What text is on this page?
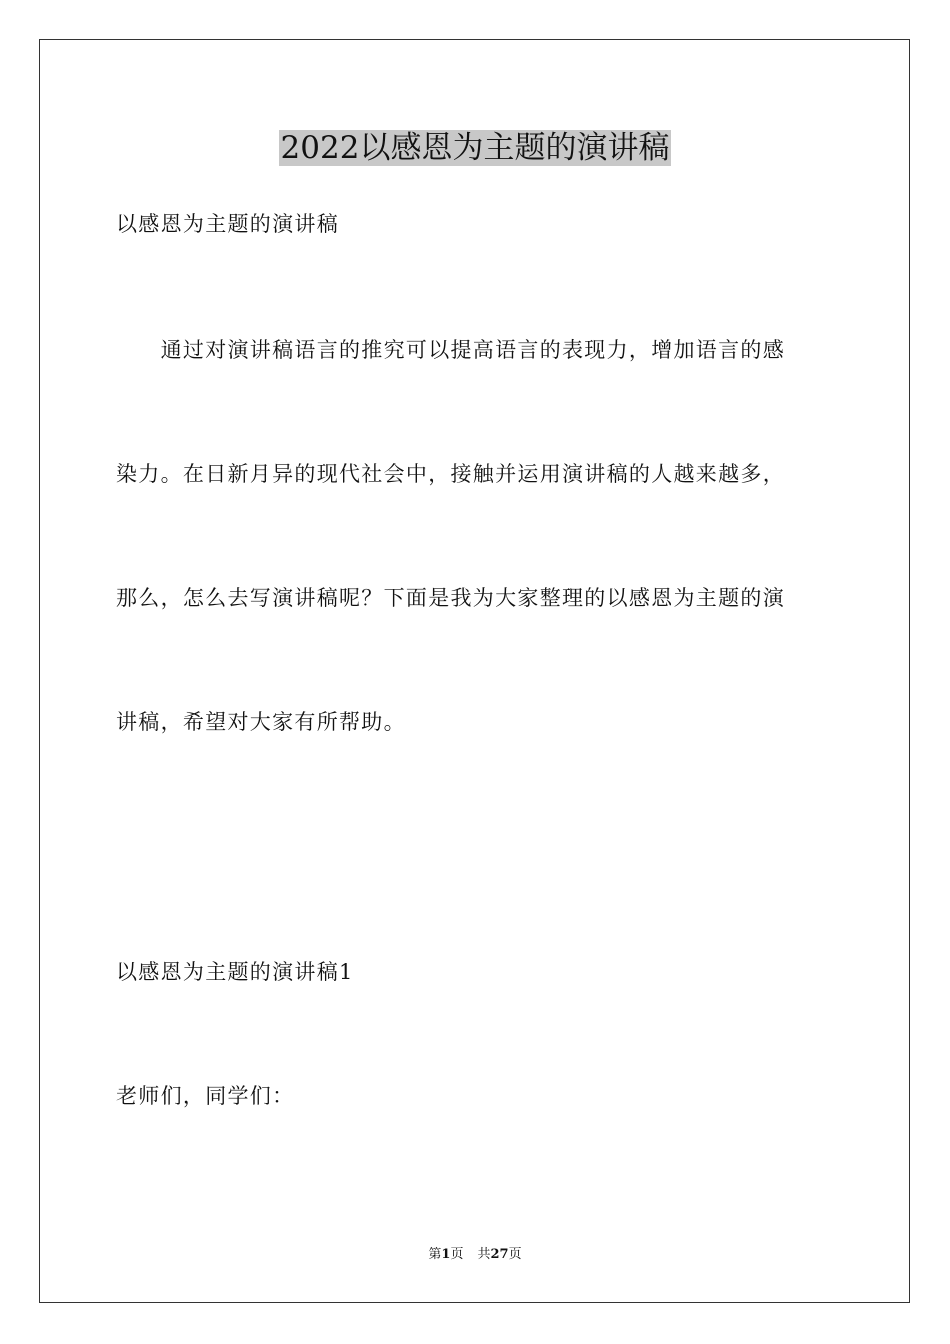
2022以感恩为主题的演讲稿
以感恩为主题的演讲稿
　　通过对演讲稿语言的推究可以提高语言的表现力，增加语言的感
染力。在日新月异的现代社会中，接触并运用演讲稿的人越来越多，
那么，怎么去写演讲稿呢？下面是我为大家整理的以感恩为主题的演
讲稿，希望对大家有所帮助。
以感恩为主题的演讲稿1
老师们，同学们：
第1页 共27页
